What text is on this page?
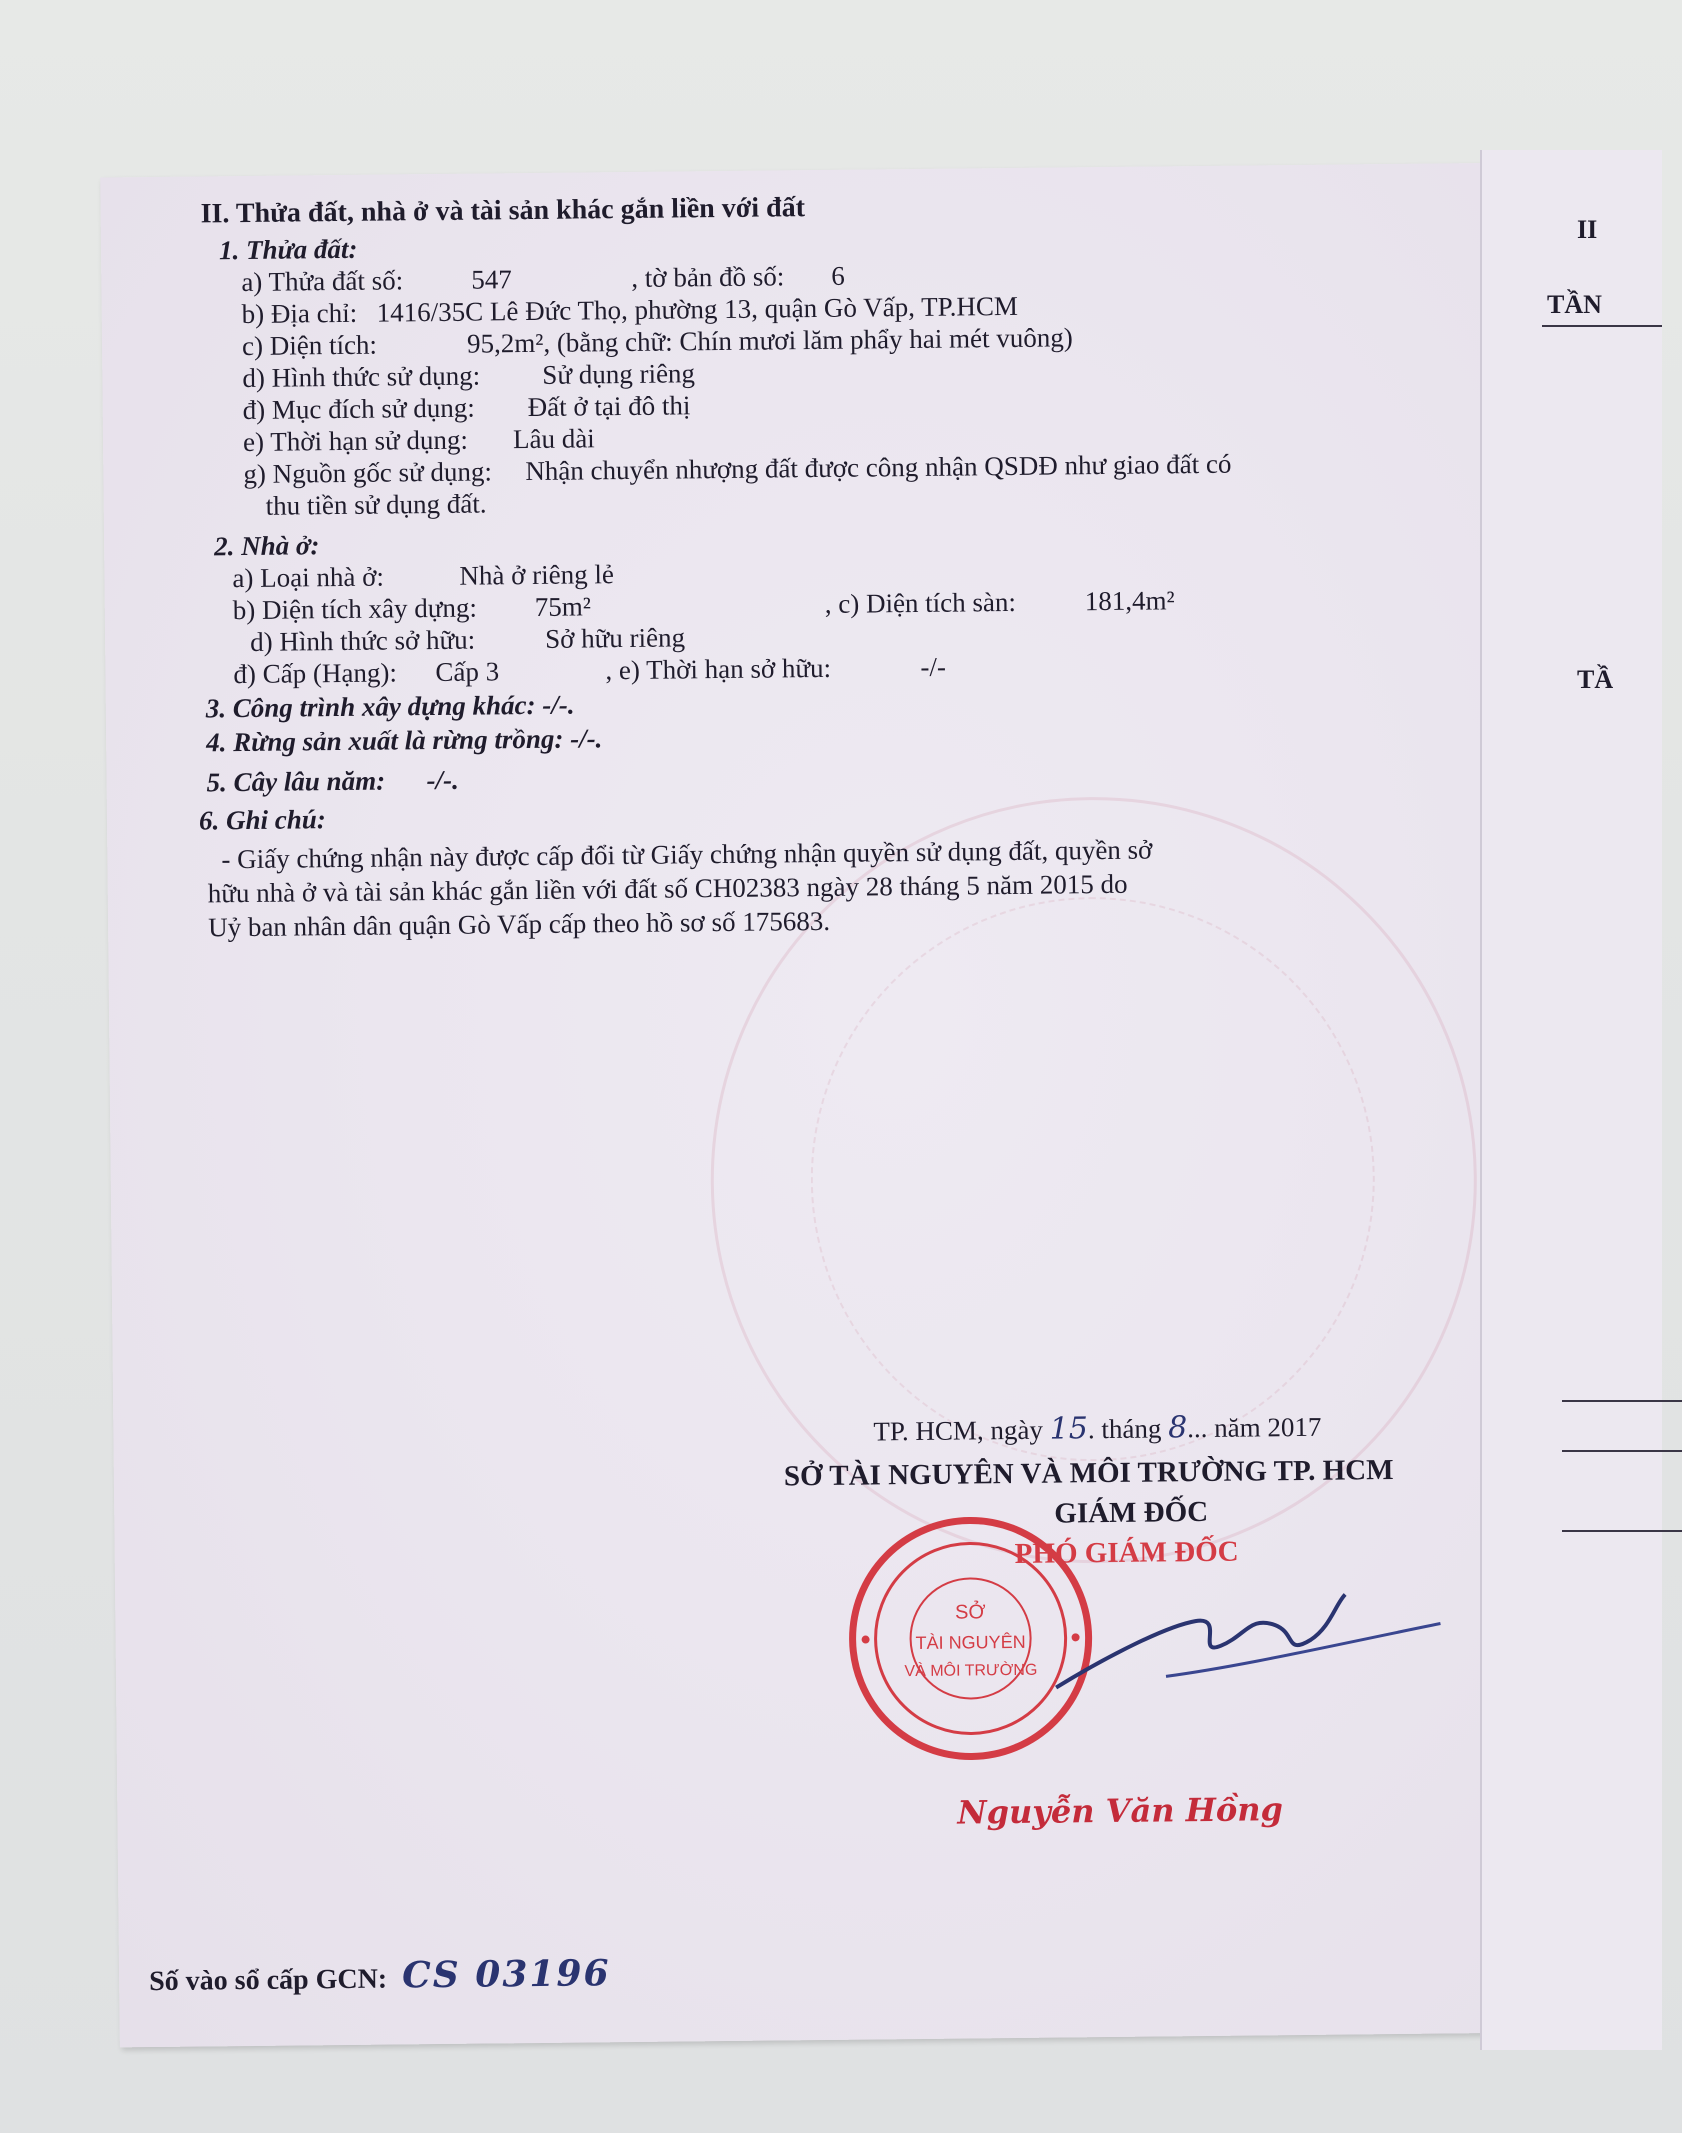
II. Thửa đất, nhà ở và tài sản khác gắn liền với đất
1. Thửa đất:
a) Thửa đất số:	547	, tờ bản đồ số: 6
b) Địa chỉ: 1416/35C Lê Đức Thọ, phường 13, quận Gò Vấp, TP.HCM
c) Diện tích:	95,2m², (bằng chữ: Chín mươi lăm phẩy hai mét vuông)
d) Hình thức sử dụng: Sử dụng riêng
đ) Mục đích sử dụng: Đất ở tại đô thị
e) Thời hạn sử dụng: Lâu dài
g) Nguồn gốc sử dụng: Nhận chuyển nhượng đất được công nhận QSDĐ như giao đất có
thu tiền sử dụng đất.
2. Nhà ở:
a) Loại nhà ở:	Nhà ở riêng lẻ
b) Diện tích xây dựng: 75m²	, c) Diện tích sàn:	181,4m²
d) Hình thức sở hữu:	Sở hữu riêng
đ) Cấp (Hạng): Cấp 3	, e) Thời hạn sở hữu:	-/-
3. Công trình xây dựng khác: -/-.
4. Rừng sản xuất là rừng trồng: -/-.
5. Cây lâu năm: -/-.
6. Ghi chú:
- Giấy chứng nhận này được cấp đổi từ Giấy chứng nhận quyền sử dụng đất, quyền sở
hữu nhà ở và tài sản khác gắn liền với đất số CH02383 ngày 28 tháng 5 năm 2015 do
Uỷ ban nhân dân quận Gò Vấp cấp theo hồ sơ số 175683.
TP. HCM, ngày 15. tháng 8... năm 2017
SỞ TÀI NGUYÊN VÀ MÔI TRƯỜNG TP. HCM
GIÁM ĐỐC
SỞ
TÀI NGUYÊN
VÀ MÔI TRƯỜNG
PHÓ GIÁM ĐỐC
Nguyễn Văn Hồng
Số vào sổ cấp GCN: CS 03196
II
TẦN
TẦ
